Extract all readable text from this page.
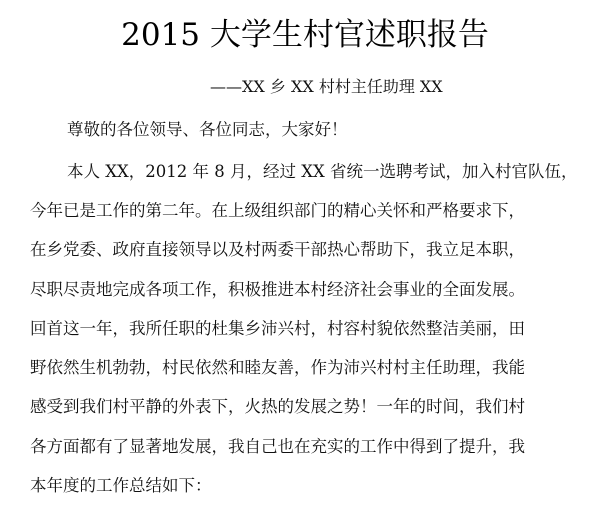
2015 大学生村官述职报告
——XX 乡 XX 村村主任助理 XX
尊敬的各位领导、各位同志，大家好！
本人 XX，2012 年 8 月，经过 XX 省统一选聘考试，加入村官队伍，
今年已是工作的第二年。在上级组织部门的精心关怀和严格要求下，
在乡党委、政府直接领导以及村两委干部热心帮助下，我立足本职，
尽职尽责地完成各项工作，积极推进本村经济社会事业的全面发展。
回首这一年，我所任职的杜集乡沛兴村，村容村貌依然整洁美丽，田
野依然生机勃勃，村民依然和睦友善，作为沛兴村村主任助理，我能
感受到我们村平静的外表下，火热的发展之势！一年的时间，我们村
各方面都有了显著地发展，我自己也在充实的工作中得到了提升，我
本年度的工作总结如下：
